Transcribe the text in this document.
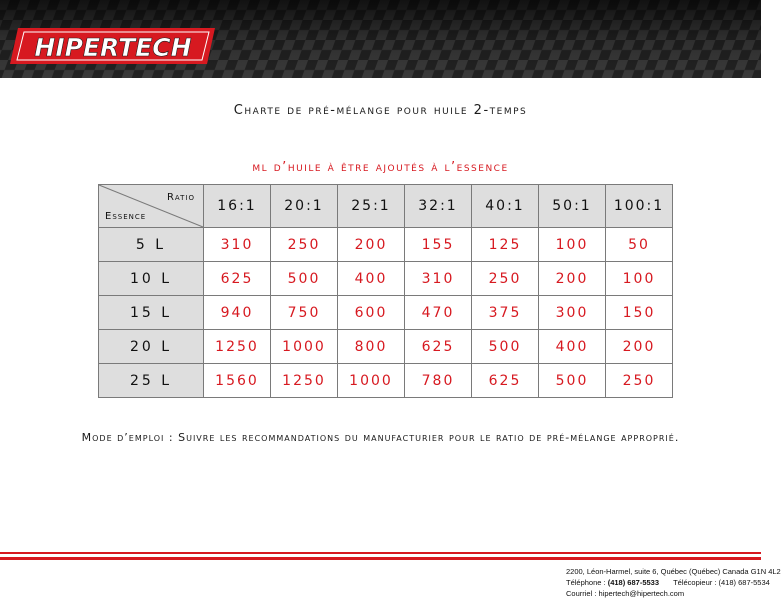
HIPERTECH
Charte de pré-mélange pour huile 2-temps
ml d’huile à être ajoutés à l’essence
Ratio
Essence	16:1	20:1	25:1	32:1	40:1	50:1	100:1
5 L	310	250	200	155	125	100	50
10 L	625	500	400	310	250	200	100
15 L	940	750	600	470	375	300	150
20 L	1250	1000	800	625	500	400	200
25 L	1560	1250	1000	780	625	500	250
Mode d’emploi : Suivre les recommandations du manufacturier pour le ratio de pré-mélange approprié.
2200, Léon-Harmel, suite 6, Québec (Québec) Canada G1N 4L2
Téléphone : (418) 687-5533 Télécopieur : (418) 687-5534
Courriel : hipertech@hipertech.com
